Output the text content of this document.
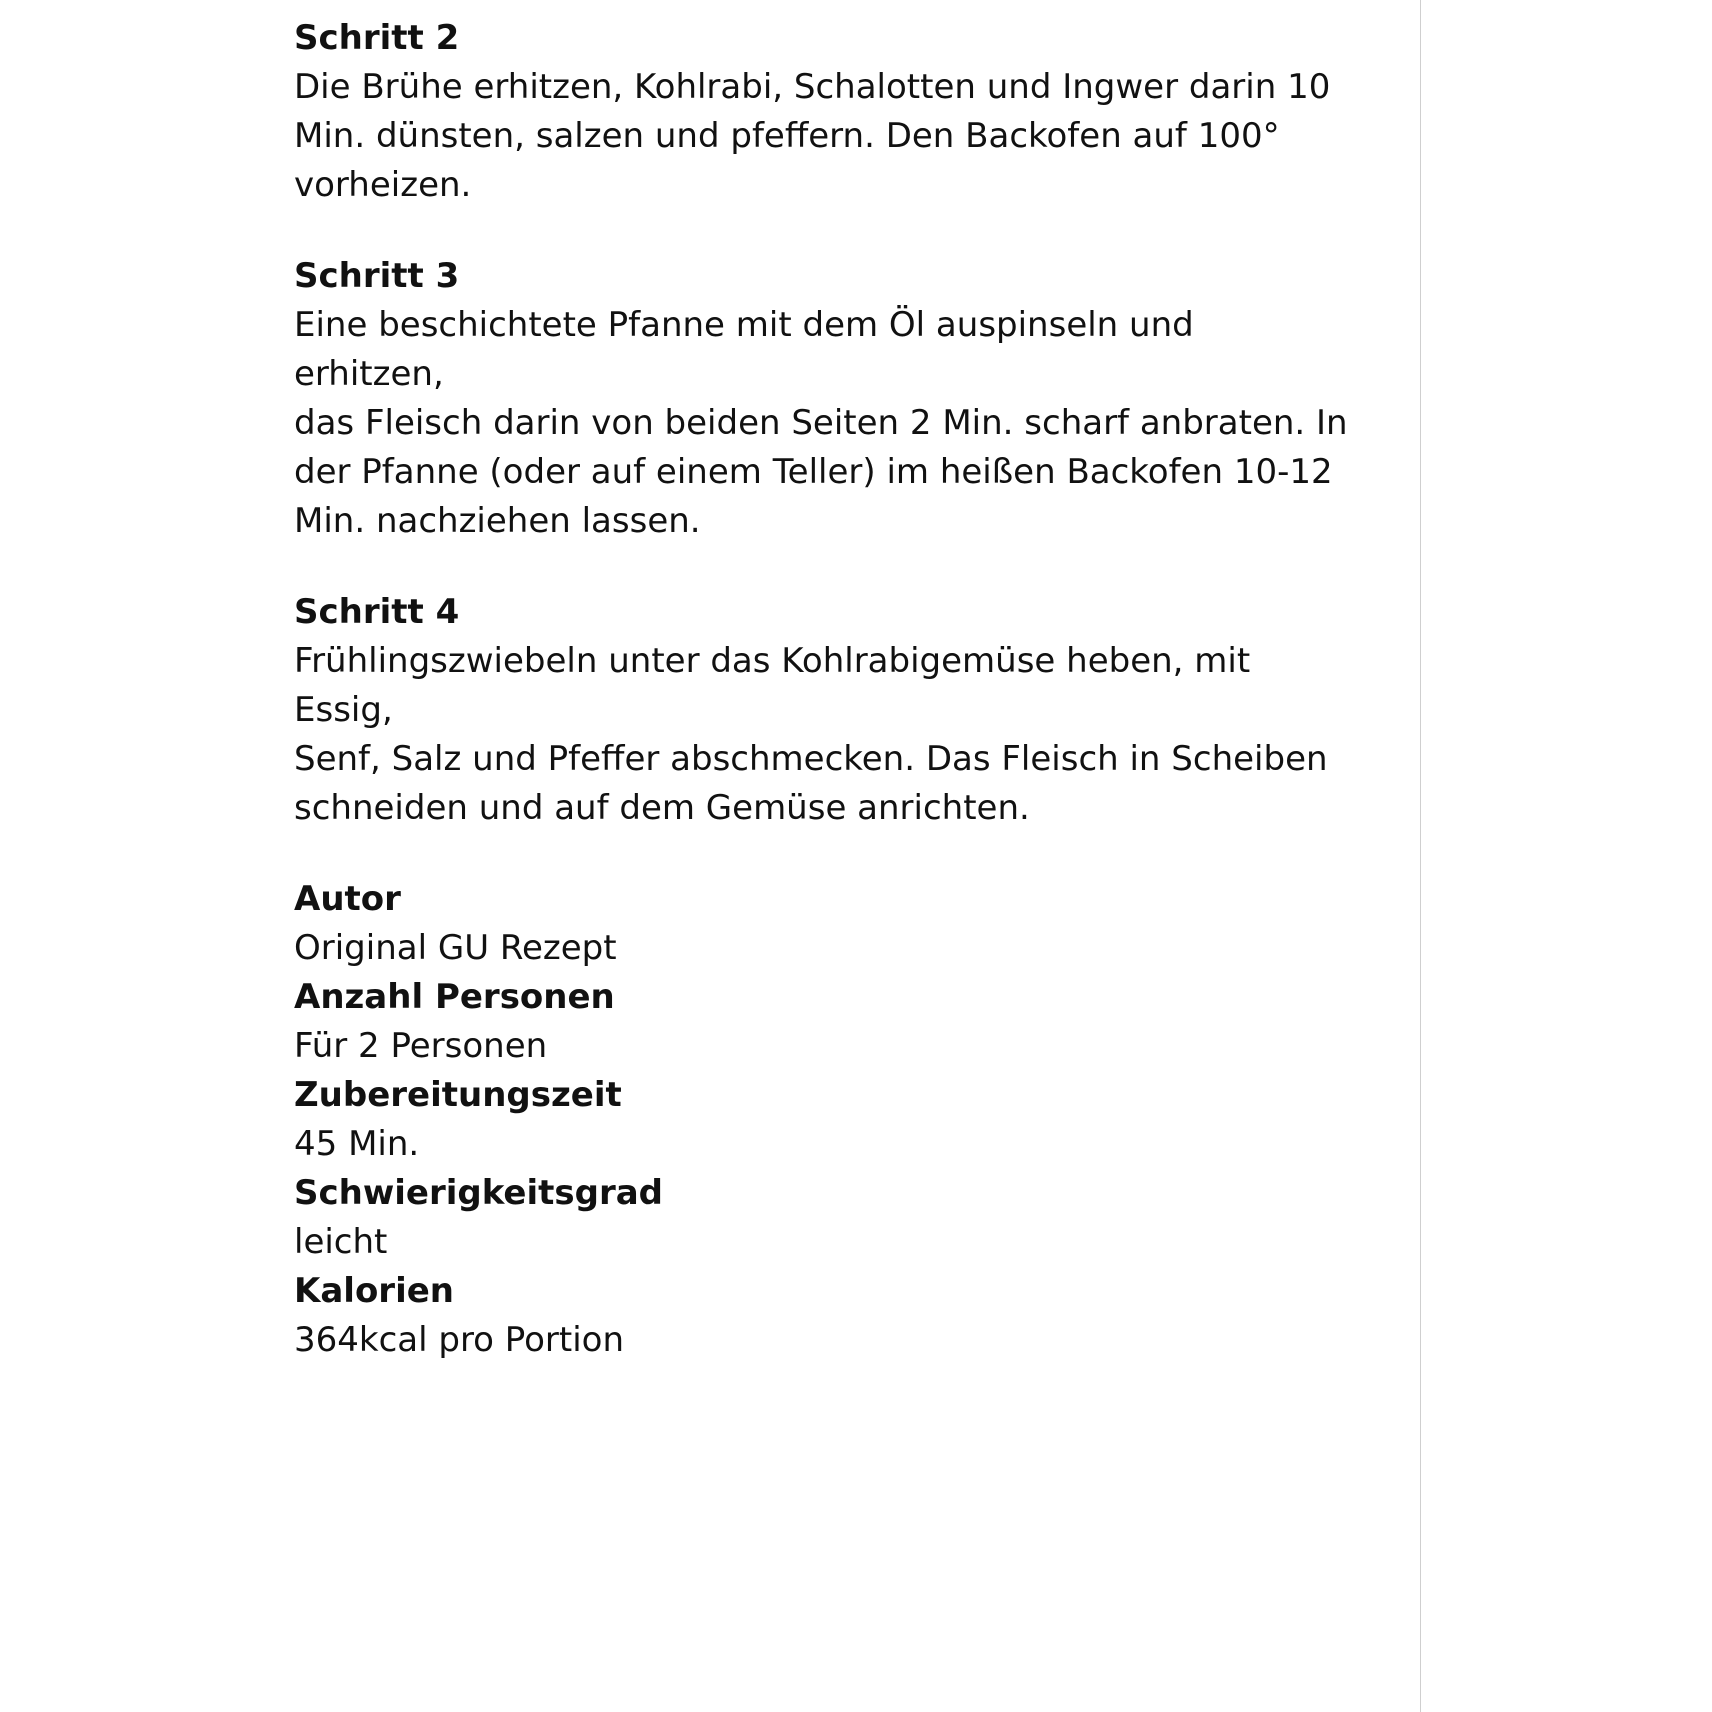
Schritt 2
Die Brühe erhitzen, Kohlrabi, Schalotten und Ingwer darin 10
Min. dünsten, salzen und pfeffern. Den Backofen auf 100°
vorheizen.
Schritt 3
Eine beschichtete Pfanne mit dem Öl auspinseln und erhitzen,
das Fleisch darin von beiden Seiten 2 Min. scharf anbraten. In
der Pfanne (oder auf einem Teller) im heißen Backofen 10-12
Min. nachziehen lassen.
Schritt 4
Frühlingszwiebeln unter das Kohlrabigemüse heben, mit Essig,
Senf, Salz und Pfeffer abschmecken. Das Fleisch in Scheiben
schneiden und auf dem Gemüse anrichten.
Autor
Original GU Rezept
Anzahl Personen
Für 2 Personen
Zubereitungszeit
45 Min.
Schwierigkeitsgrad
leicht
Kalorien
364kcal pro Portion
